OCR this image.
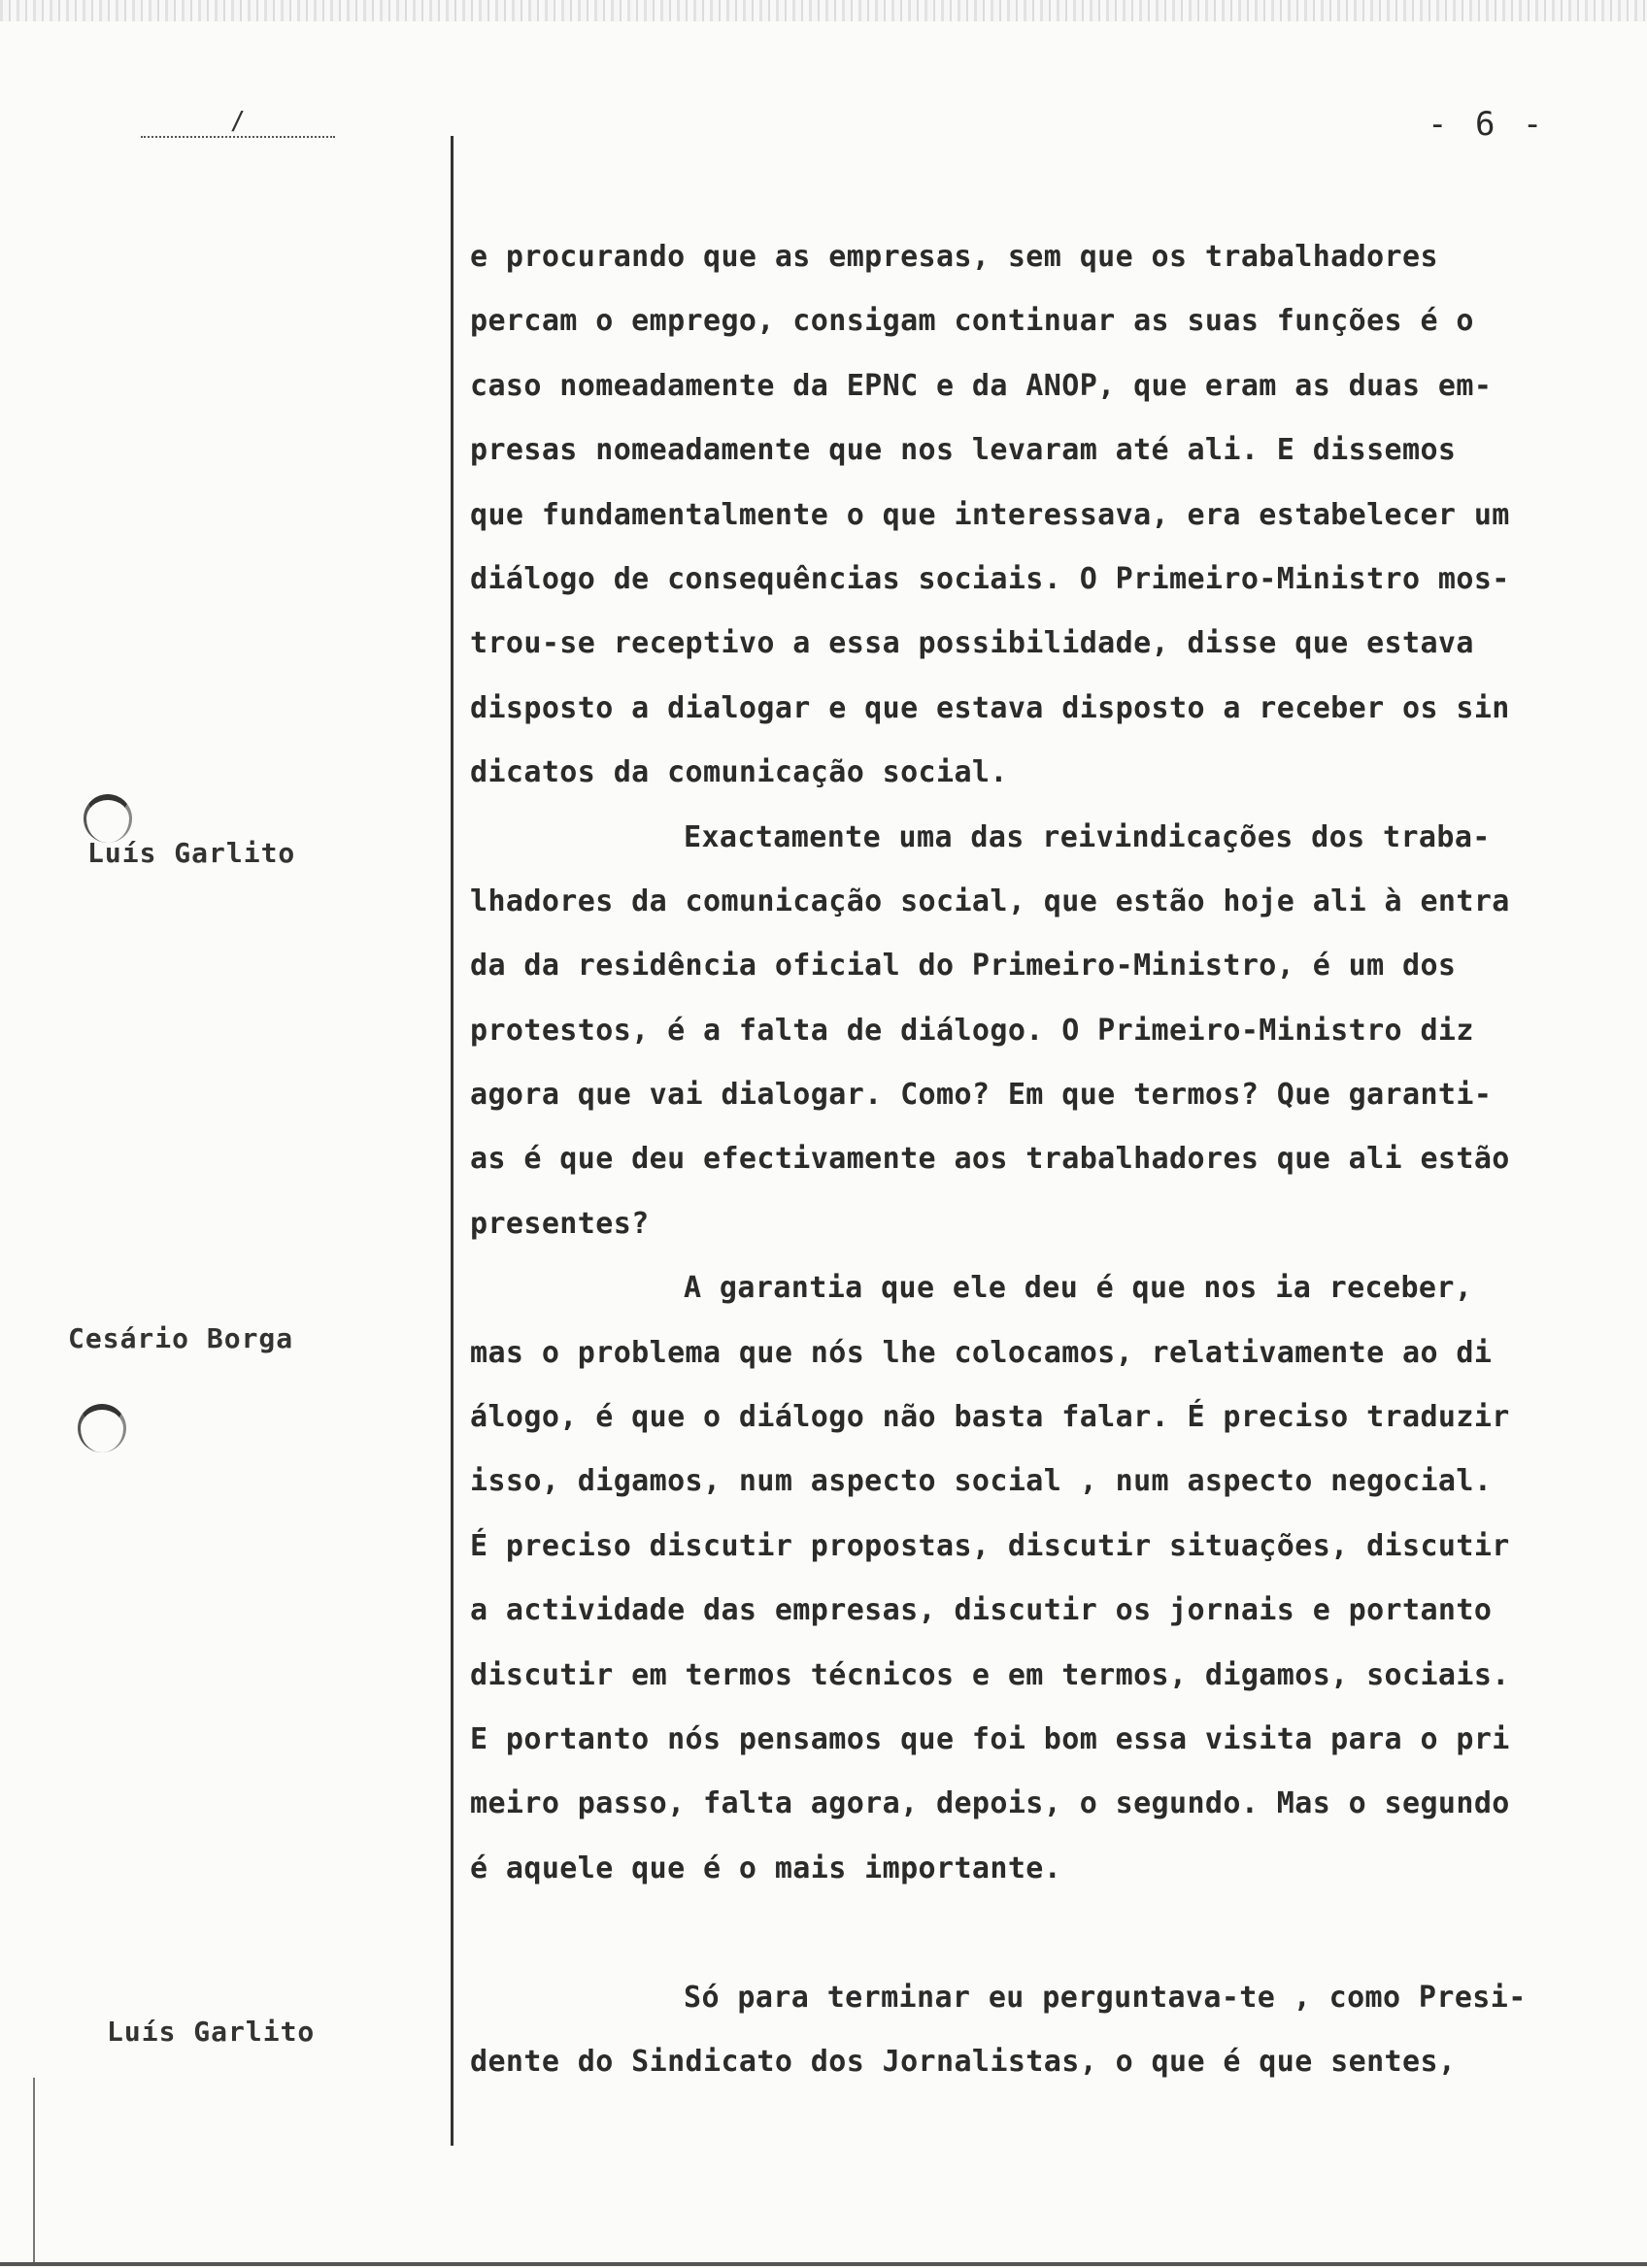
/	- 6 -
Luís Garlito
Cesário Borga
Luís Garlito
e procurando que as empresas, sem que os trabalhadores
percam o emprego, consigam continuar as suas funções é o
caso nomeadamente da EPNC e da ANOP, que eram as duas em-
presas nomeadamente que nos levaram até ali. E dissemos
que fundamentalmente o que interessava, era estabelecer um
diálogo de consequências sociais. O Primeiro-Ministro mos-
trou-se receptivo a essa possibilidade, disse que estava
disposto a dialogar e que estava disposto a receber os sin
dicatos da comunicação social.
Exactamente uma das reivindicações dos traba-
lhadores da comunicação social, que estão hoje ali à entra
da da residência oficial do Primeiro-Ministro, é um dos
protestos, é a falta de diálogo. O Primeiro-Ministro diz
agora que vai dialogar. Como? Em que termos? Que garanti-
as é que deu efectivamente aos trabalhadores que ali estão
presentes?
A garantia que ele deu é que nos ia receber,
mas o problema que nós lhe colocamos, relativamente ao di
álogo, é que o diálogo não basta falar. É preciso traduzir
isso, digamos, num aspecto social , num aspecto negocial.
É preciso discutir propostas, discutir situações, discutir
a actividade das empresas, discutir os jornais e portanto
discutir em termos técnicos e em termos, digamos, sociais.
E portanto nós pensamos que foi bom essa visita para o pri
meiro passo, falta agora, depois, o segundo. Mas o segundo
é aquele que é o mais importante.
Só para terminar eu perguntava-te , como Presi-
dente do Sindicato dos Jornalistas, o que é que sentes,
